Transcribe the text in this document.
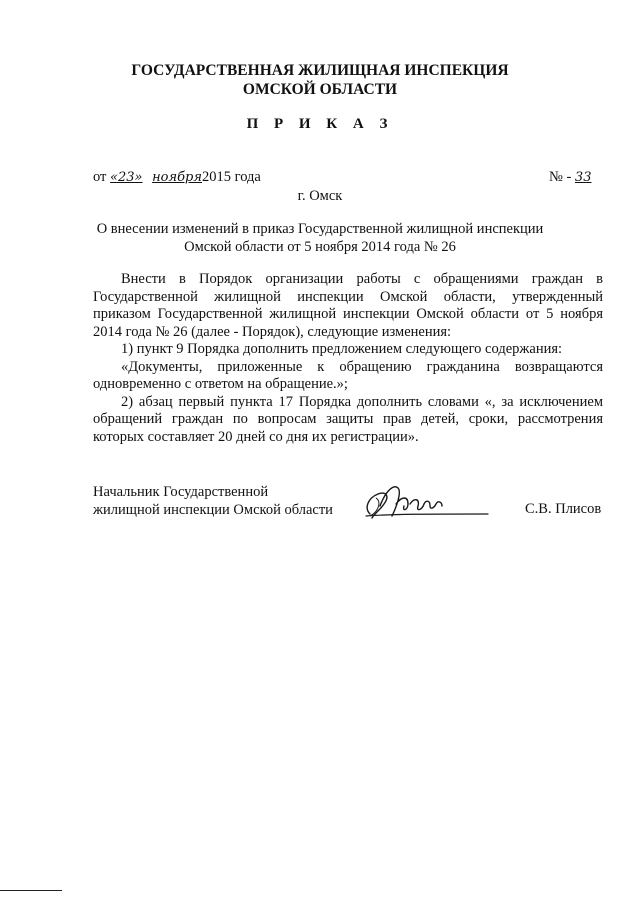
ГОСУДАРСТВЕННАЯ ЖИЛИЩНАЯ ИНСПЕКЦИЯ
ОМСКОЙ ОБЛАСТИ
П Р И К А З
от «23» ноября2015 года	№ - 33
г. Омск
О внесении изменений в приказ Государственной жилищной инспекции
Омской области от 5 ноября 2014 года № 26

Внести в Порядок организации работы с обращениями граждан в

Государственной жилищной инспекции Омской области, утвержденный

приказом Государственной жилищной инспекции Омской области от 5 ноября

2014 года № 26 (далее - Порядок), следующие изменения:

1) пункт 9 Порядка дополнить предложением следующего содержания:

«Документы, приложенные к обращению гражданина возвращаются

одновременно с ответом на обращение.»;

2) абзац первый пункта 17 Порядка дополнить словами «, за исключением

обращений граждан по вопросам защиты прав детей, сроки, рассмотрения

которых составляет 20 дней со дня их регистрации».

Начальник Государственной
жилищной инспекции Омской области	С.В. Плисов
